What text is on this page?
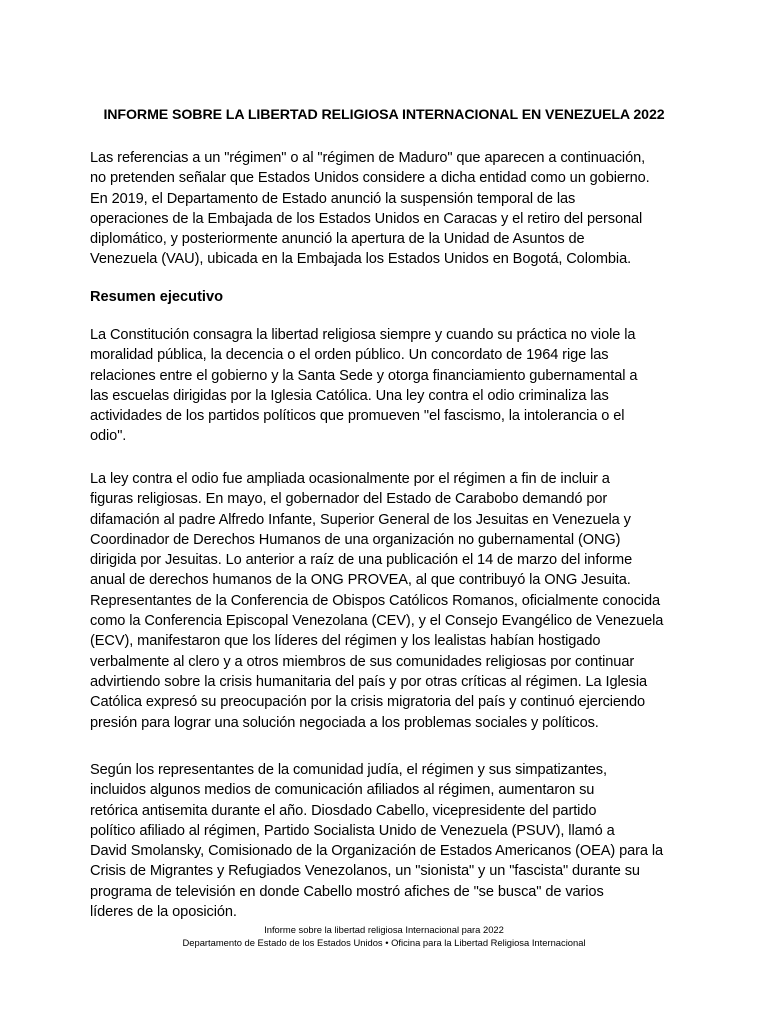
INFORME SOBRE LA LIBERTAD RELIGIOSA INTERNACIONAL EN VENEZUELA 2022

Las referencias a un "régimen" o al "régimen de Maduro" que aparecen a continuación,
no pretenden señalar que Estados Unidos considere a dicha entidad como un gobierno.
En 2019, el Departamento de Estado anunció la suspensión temporal de las
operaciones de la Embajada de los Estados Unidos en Caracas y el retiro del personal
diplomático, y posteriormente anunció la apertura de la Unidad de Asuntos de
Venezuela (VAU), ubicada en la Embajada los Estados Unidos en Bogotá, Colombia.

Resumen ejecutivo

La Constitución consagra la libertad religiosa siempre y cuando su práctica no viole la
moralidad pública, la decencia o el orden público. Un concordato de 1964 rige las
relaciones entre el gobierno y la Santa Sede y otorga financiamiento gubernamental a
las escuelas dirigidas por la Iglesia Católica. Una ley contra el odio criminaliza las
actividades de los partidos políticos que promueven "el fascismo, la intolerancia o el
odio".

La ley contra el odio fue ampliada ocasionalmente por el régimen a fin de incluir a
figuras religiosas. En mayo, el gobernador del Estado de Carabobo demandó por
difamación al padre Alfredo Infante, Superior General de los Jesuitas en Venezuela y
Coordinador de Derechos Humanos de una organización no gubernamental (ONG)
dirigida por Jesuitas. Lo anterior a raíz de una publicación el 14 de marzo del informe
anual de derechos humanos de la ONG PROVEA, al que contribuyó la ONG Jesuita.
Representantes de la Conferencia de Obispos Católicos Romanos, oficialmente conocida
como la Conferencia Episcopal Venezolana (CEV), y el Consejo Evangélico de Venezuela
(ECV), manifestaron que los líderes del régimen y los lealistas habían hostigado
verbalmente al clero y a otros miembros de sus comunidades religiosas por continuar
advirtiendo sobre la crisis humanitaria del país y por otras críticas al régimen. La Iglesia
Católica expresó su preocupación por la crisis migratoria del país y continuó ejerciendo
presión para lograr una solución negociada a los problemas sociales y políticos.

Según los representantes de la comunidad judía, el régimen y sus simpatizantes,
incluidos algunos medios de comunicación afiliados al régimen, aumentaron su
retórica antisemita durante el año. Diosdado Cabello, vicepresidente del partido
político afiliado al régimen, Partido Socialista Unido de Venezuela (PSUV), llamó a
David Smolansky, Comisionado de la Organización de Estados Americanos (OEA) para la
Crisis de Migrantes y Refugiados Venezolanos, un "sionista" y un "fascista" durante su
programa de televisión en donde Cabello mostró afiches de "se busca" de varios
líderes de la oposición.

Informe sobre la libertad religiosa Internacional para 2022
Departamento de Estado de los Estados Unidos • Oficina para la Libertad Religiosa Internacional
